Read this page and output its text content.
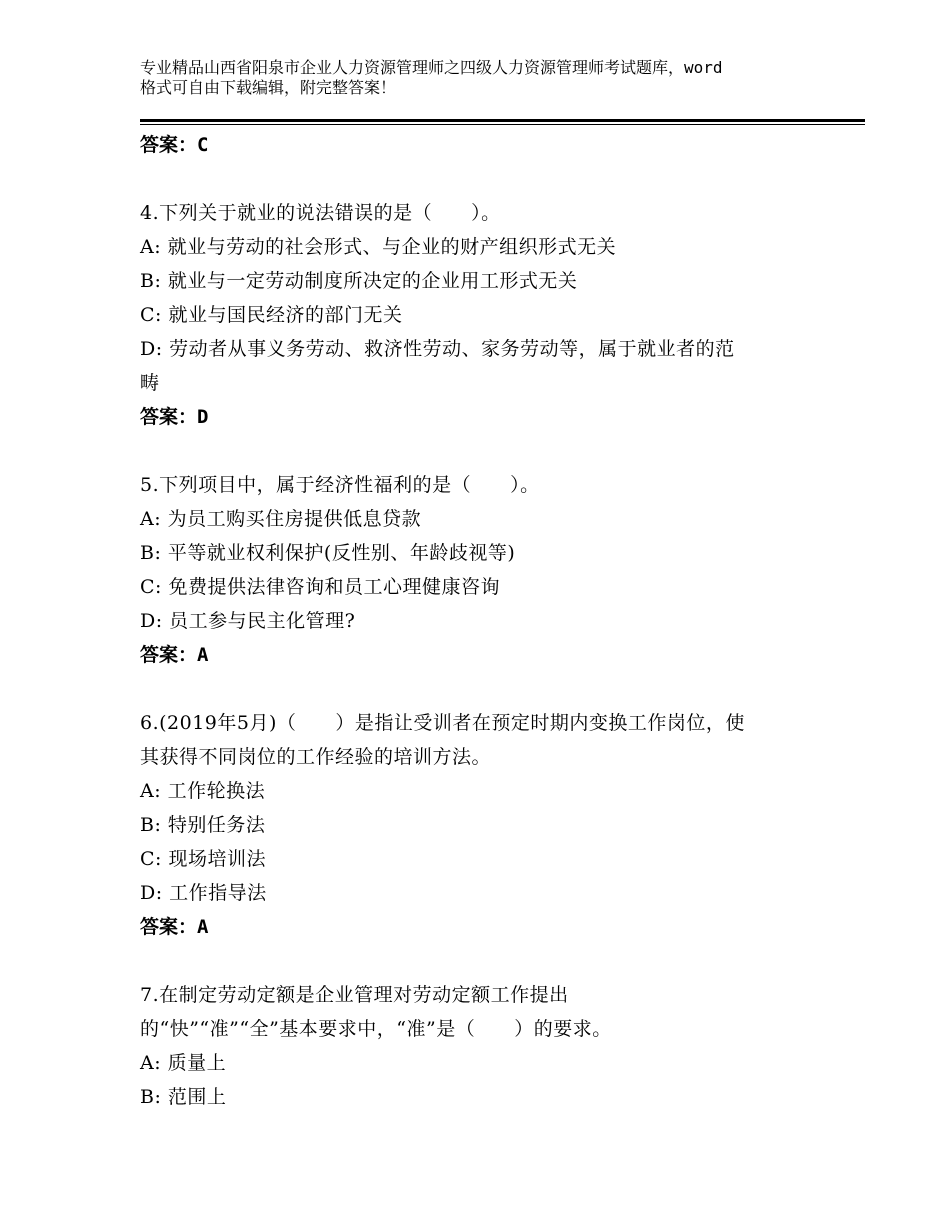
专业精品山西省阳泉市企业人力资源管理师之四级人力资源管理师考试题库，word
格式可自由下载编辑，附完整答案！
答案：C
4.下列关于就业的说法错误的是（　　）。
A: 就业与劳动的社会形式、与企业的财产组织形式无关
B: 就业与一定劳动制度所决定的企业用工形式无关
C: 就业与国民经济的部门无关
D: 劳动者从事义务劳动、救济性劳动、家务劳动等，属于就业者的范
畴
答案：D
5.下列项目中，属于经济性福利的是（　　）。
A: 为员工购买住房提供低息贷款
B: 平等就业权利保护(反性别、年龄歧视等)
C: 免费提供法律咨询和员工心理健康咨询
D: 员工参与民主化管理?
答案：A
6.(2019年5月)（　　）是指让受训者在预定时期内变换工作岗位，使
其获得不同岗位的工作经验的培训方法。
A: 工作轮换法
B: 特别任务法
C: 现场培训法
D: 工作指导法
答案：A
7.在制定劳动定额是企业管理对劳动定额工作提出
的“快”“准”“全”基本要求中，“准”是（　　）的要求。
A: 质量上
B: 范围上
